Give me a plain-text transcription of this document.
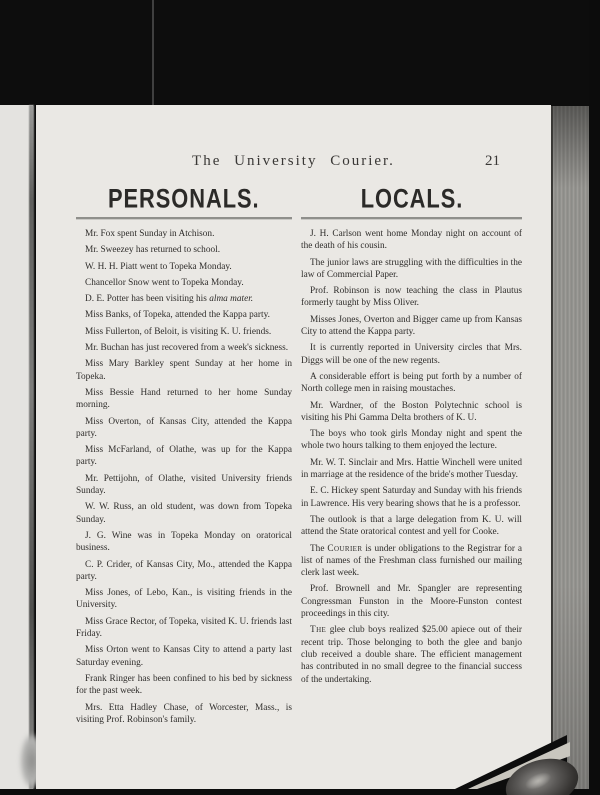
The University Courier.	21
PERSONALS.

Mr. Fox spent Sunday in Atchison.

Mr. Sweezey has returned to school.

W. H. H. Piatt went to Topeka Monday.

Chancellor Snow went to Topeka Monday.

D. E. Potter has been visiting his alma mater.

Miss Banks, of Topeka, attended the Kappa party.

Miss Fullerton, of Beloit, is visiting K. U. friends.

Mr. Buchan has just recovered from a week's sickness.

Miss Mary Barkley spent Sunday at her home in Topeka.

Miss Bessie Hand returned to her home Sunday morning.

Miss Overton, of Kansas City, attended the Kappa party.

Miss McFarland, of Olathe, was up for the Kappa party.

Mr. Pettijohn, of Olathe, visited University friends Sunday.

W. W. Russ, an old student, was down from Topeka Sunday.

J. G. Wine was in Topeka Monday on oratorical business.

C. P. Crider, of Kansas City, Mo., attended the Kappa party.

Miss Jones, of Lebo, Kan., is visiting friends in the University.

Miss Grace Rector, of Topeka, visited K. U. friends last Friday.

Miss Orton went to Kansas City to attend a party last Saturday evening.

Frank Ringer has been confined to his bed by sickness for the past week.

Mrs. Etta Hadley Chase, of Worcester, Mass., is visiting Prof. Robinson's family.

LOCALS.

J. H. Carlson went home Monday night on account of the death of his cousin.

The junior laws are struggling with the difficulties in the law of Commercial Paper.

Prof. Robinson is now teaching the class in Plautus formerly taught by Miss Oliver.

Misses Jones, Overton and Bigger came up from Kansas City to attend the Kappa party.

It is currently reported in University circles that Mrs. Diggs will be one of the new regents.

A considerable effort is being put forth by a number of North college men in raising moustaches.

Mr. Wardner, of the Boston Polytechnic school is visiting his Phi Gamma Delta brothers of K. U.

The boys who took girls Monday night and spent the whole two hours talking to them enjoyed the lecture.

Mr. W. T. Sinclair and Mrs. Hattie Winchell were united in marriage at the residence of the bride's mother Tuesday.

E. C. Hickey spent Saturday and Sunday with his friends in Lawrence. His very bearing shows that he is a professor.

The outlook is that a large delegation from K. U. will attend the State oratorical contest and yell for Cooke.

The Courier is under obligations to the Registrar for a list of names of the Freshman class furnished our mailing clerk last week.

Prof. Brownell and Mr. Spangler are representing Congressman Funston in the Moore-Funston contest proceedings in this city.

The glee club boys realized $25.00 apiece out of their recent trip. Those belonging to both the glee and banjo club received a double share. The efficient management has contributed in no small degree to the financial success of the undertaking.
